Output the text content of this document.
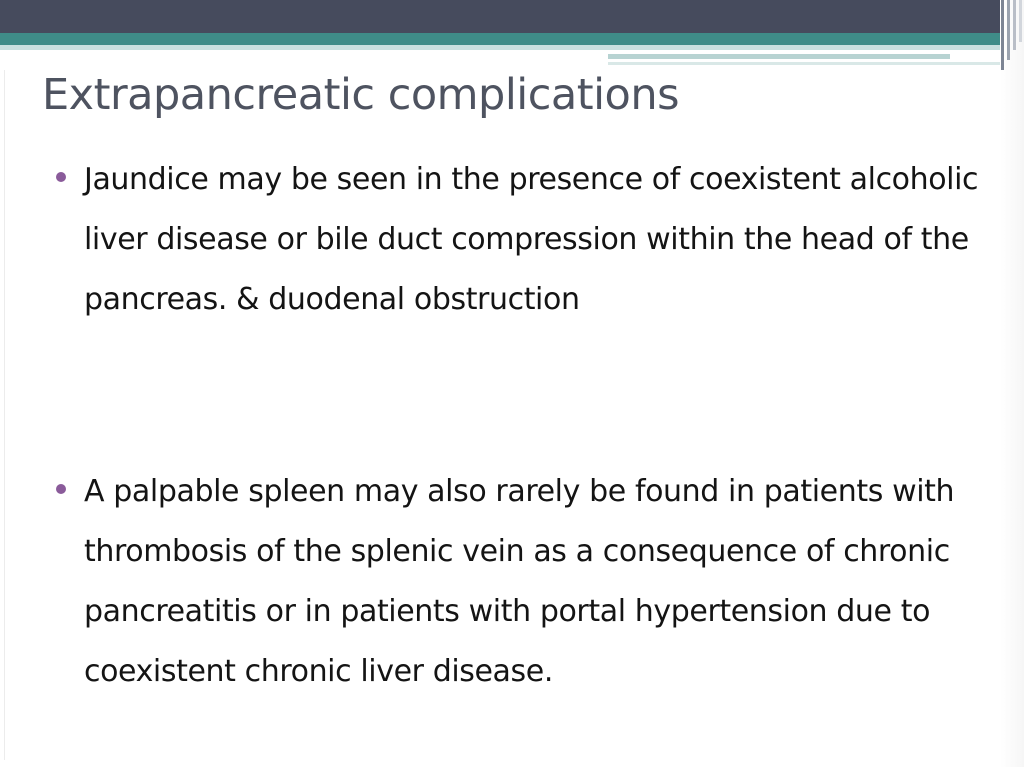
Extrapancreatic complications
Jaundice may be seen in the presence of coexistent alcoholic liver disease or bile duct compression within the head of the pancreas. & duodenal obstruction
A palpable spleen may also rarely be found in patients with thrombosis of the splenic vein as a consequence of chronic pancreatitis or in patients with portal hypertension due to coexistent chronic liver disease.
